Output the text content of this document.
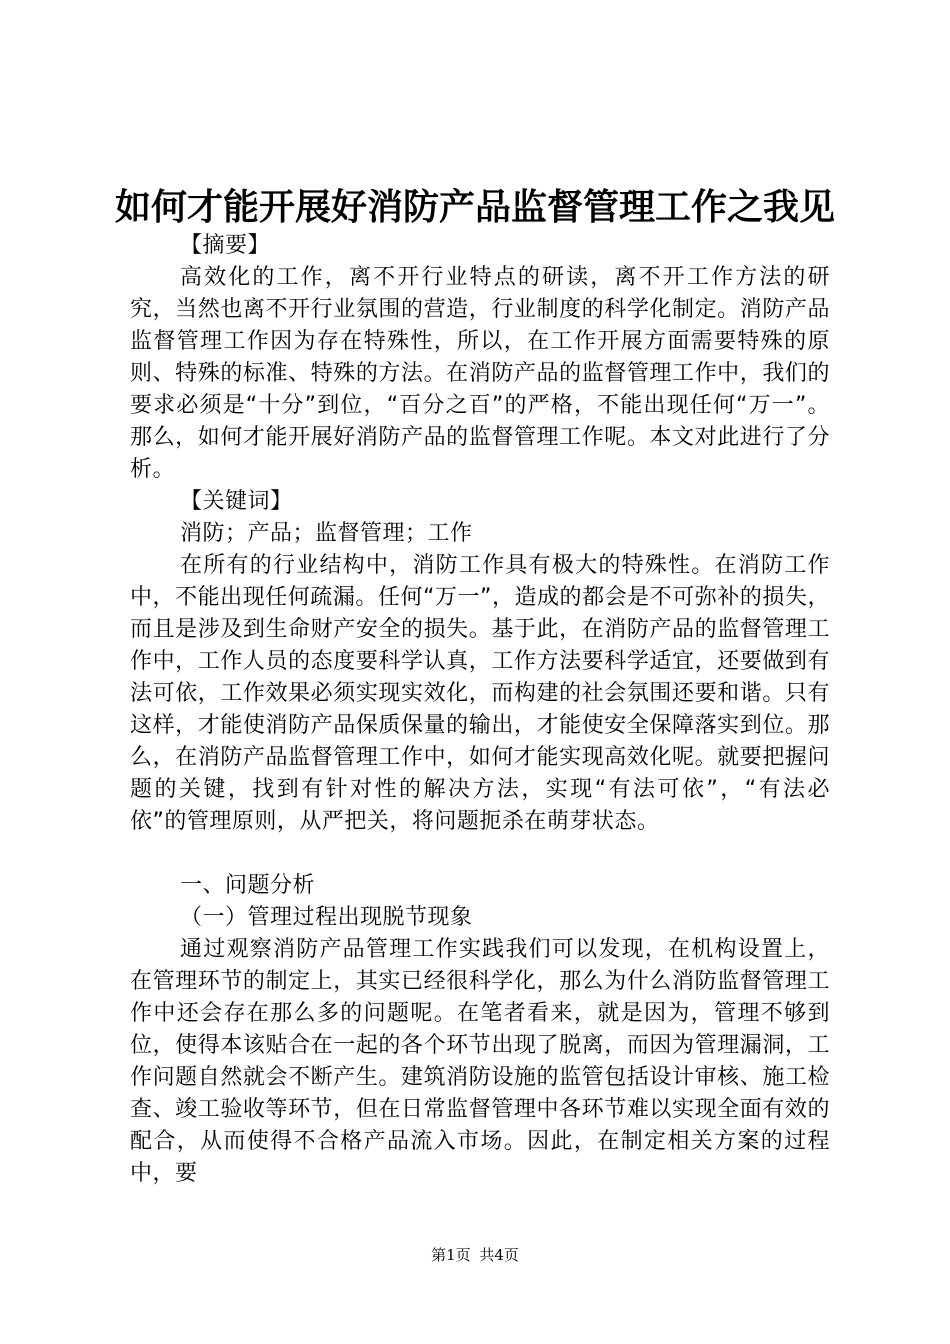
如何才能开展好消防产品监督管理工作之我见

【摘要】

高效化的工作，离不开行业特点的研读，离不开工作方法的研究，当然也离不开行业氛围的营造，行业制度的科学化制定。消防产品监督管理工作因为存在特殊性，所以，在工作开展方面需要特殊的原则、特殊的标准、特殊的方法。在消防产品的监督管理工作中，我们的要求必须是“十分”到位，“百分之百”的严格，不能出现任何“万一”。那么，如何才能开展好消防产品的监督管理工作呢。本文对此进行了分析。

【关键词】

消防；产品；监督管理；工作

在所有的行业结构中，消防工作具有极大的特殊性。在消防工作中，不能出现任何疏漏。任何“万一”，造成的都会是不可弥补的损失，而且是涉及到生命财产安全的损失。基于此，在消防产品的监督管理工作中，工作人员的态度要科学认真，工作方法要科学适宜，还要做到有法可依，工作效果必须实现实效化，而构建的社会氛围还要和谐。只有这样，才能使消防产品保质保量的输出，才能使安全保障落实到位。那么，在消防产品监督管理工作中，如何才能实现高效化呢。就要把握问题的关键，找到有针对性的解决方法，实现“有法可依”，“有法必依”的管理原则，从严把关，将问题扼杀在萌芽状态。

一、问题分析

（一）管理过程出现脱节现象

通过观察消防产品管理工作实践我们可以发现，在机构设置上，在管理环节的制定上，其实已经很科学化，那么为什么消防监督管理工作中还会存在那么多的问题呢。在笔者看来，就是因为，管理不够到位，使得本该贴合在一起的各个环节出现了脱离，而因为管理漏洞，工作问题自然就会不断产生。建筑消防设施的监管包括设计审核、施工检查、竣工验收等环节，但在日常监督管理中各环节难以实现全面有效的配合，从而使得不合格产品流入市场。因此，在制定相关方案的过程中，要

第1页 共4页
